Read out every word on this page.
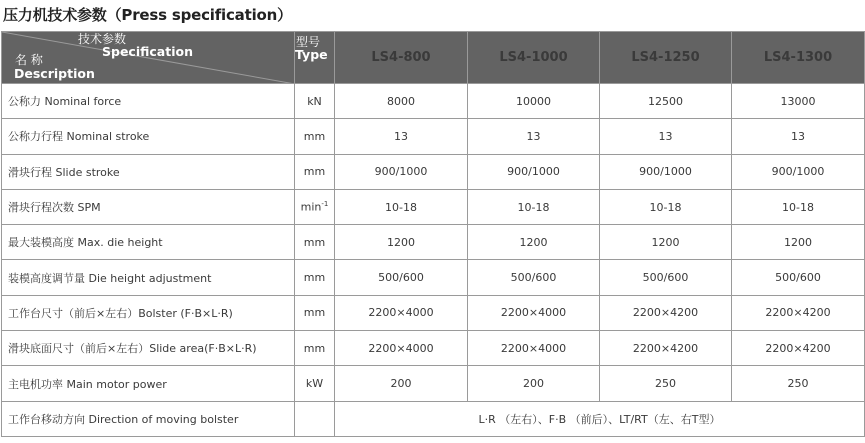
压力机技术参数（Press specification）
技术参数
Specification
名 称
Description	型号
Type	LS4-800	LS4-1000	LS4-1250	LS4-1300
公称力 Nominal force	kN	8000	10000	12500	13000
公称力行程 Nominal stroke	mm	13	13	13	13
滑块行程 Slide stroke	mm	900/1000	900/1000	900/1000	900/1000
滑块行程次数 SPM	$\min^{-1}$	10-18	10-18	10-18	10-18
最大装模高度 Max. die height	mm	1200	1200	1200	1200
装模高度调节量 Die height adjustment	mm	500/600	500/600	500/600	500/600
工作台尺寸（前后×左右）Bolster (F·B×L·R)	mm	2200×4000	2200×4000	2200×4200	2200×4200
滑块底面尺寸（前后×左右）Slide area(F·B×L·R)	mm	2200×4000	2200×4000	2200×4200	2200×4200
主电机功率 Main motor power	kW	200	200	250	250
工作台移动方向 Direction of moving bolster		L·R （左右）、F·B （前后）、LT/RT（左、右T型）			
